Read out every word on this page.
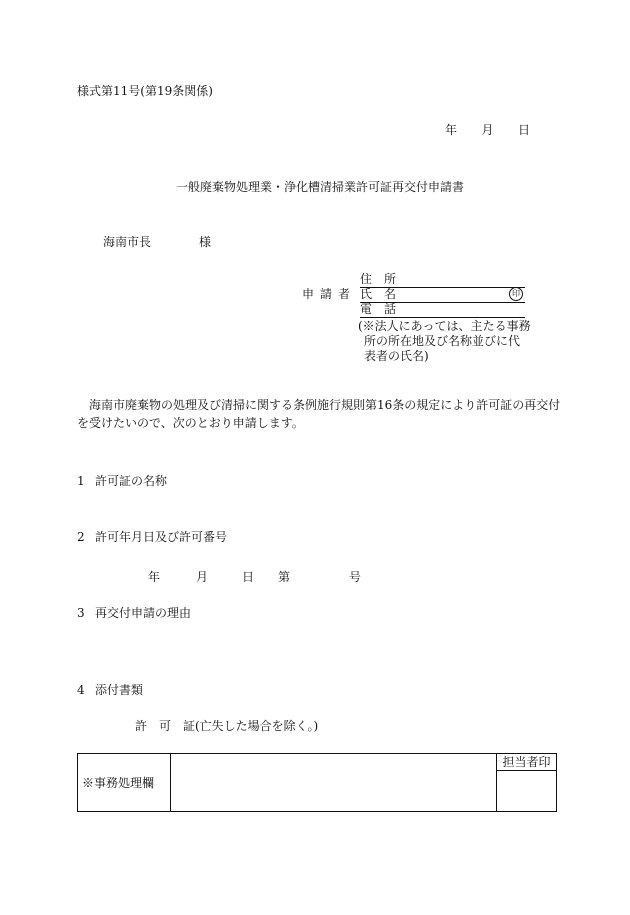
様式第11号(第19条関係)
年 月 日
一般廃棄物処理業・浄化槽清掃業許可証再交付申請書
海南市長	様
申請者
住　所
氏　名	印
電　話
(※法人にあっては、主たる事務
所の所在地及び名称並びに代
表者の氏名)
海南市廃棄物の処理及び清掃に関する条例施行規則第16条の規定により許可証の再交付
を受けたいので、次のとおり申請します。
1 許可証の名称
2 許可年月日及び許可番号
年	月	日 第	号
3 再交付申請の理由
4 添付書類
許　可　証(亡失した場合を除く。)
※事務処理欄
担当者印
